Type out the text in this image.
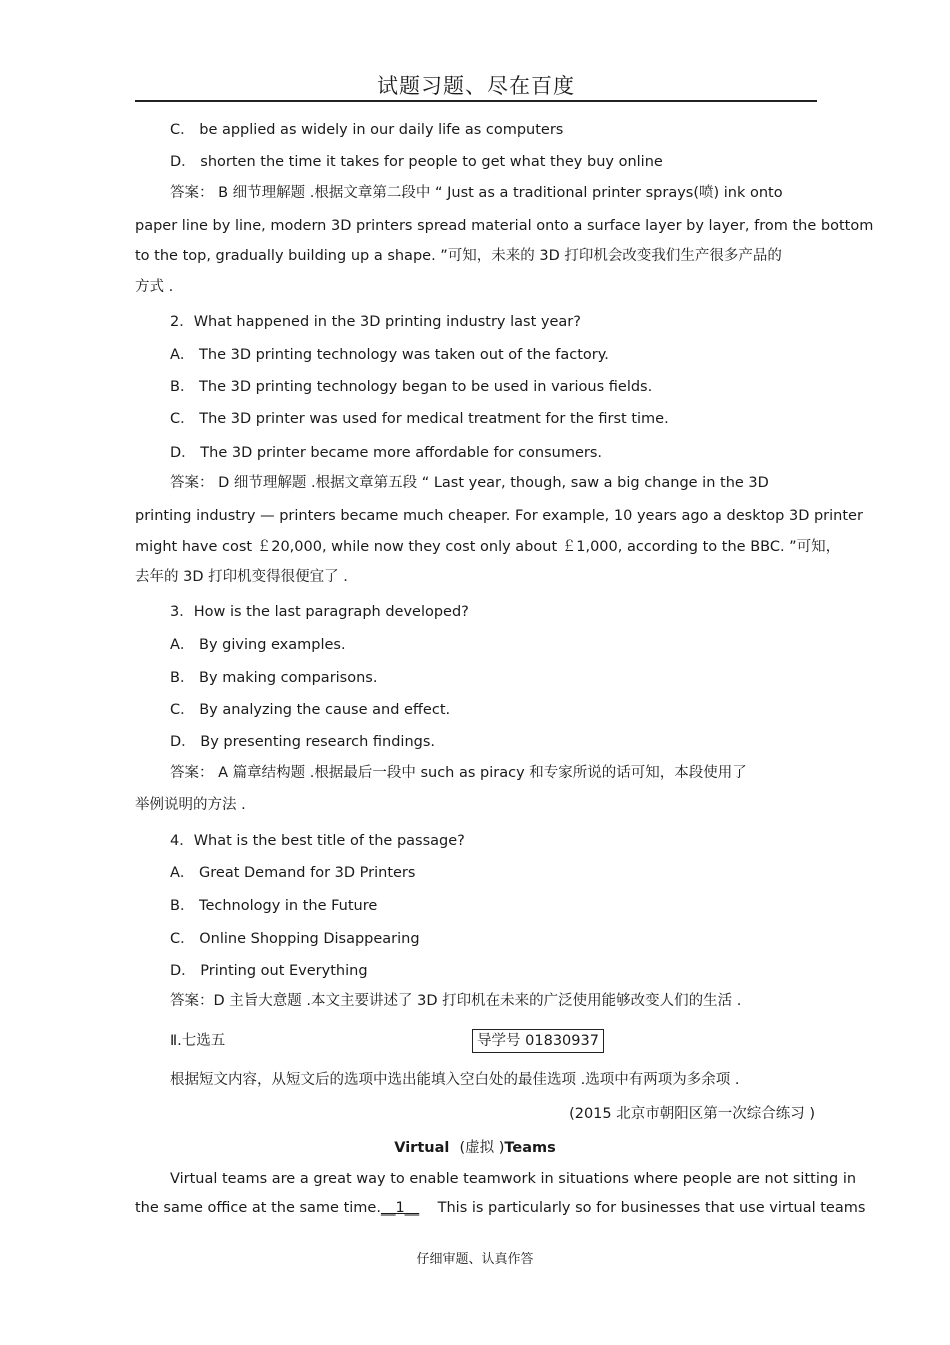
试题习题、尽在百度
C． be applied as widely in our daily life as computers
D． shorten the time it takes for people to get what they buy online
答案： B 细节理解题 .根据文章第二段中 “ Just as a traditional printer sprays(喷) ink onto
paper line by line, modern 3D printers spread material onto a surface layer by layer, from the bottom
to the top, gradually building up a shape. ”可知，未来的 3D 打印机会改变我们生产很多产品的
方式 .
2．What happened in the 3D printing industry last year?
A． The 3D printing technology was taken out of the factory.
B． The 3D printing technology began to be used in various fields.
C． The 3D printer was used for medical treatment for the first time.
D． The 3D printer became more affordable for consumers.
答案： D 细节理解题 .根据文章第五段 “ Last year, though, saw a big change in the 3D
printing industry — printers became much cheaper. For example, 10 years ago a desktop 3D printer
might have cost ￡20,000, while now they cost only about ￡1,000, according to the BBC. ”可知，
去年的 3D 打印机变得很便宜了 .
3．How is the last paragraph developed?
A． By giving examples.
B． By making comparisons.
C． By analyzing the cause and effect.
D． By presenting research findings.
答案： A 篇章结构题 .根据最后一段中 such as piracy 和专家所说的话可知，本段使用了
举例说明的方法 .
4．What is the best title of the passage?
A． Great Demand for 3D Printers
B． Technology in the Future
C． Online Shopping Disappearing
D． Printing out Everything
答案：D 主旨大意题 .本文主要讲述了 3D 打印机在未来的广泛使用能够改变人们的生活 .
Ⅱ.七选五	导学号 01830937
根据短文内容，从短文后的选项中选出能填入空白处的最佳选项 .选项中有两项为多余项 .
(2015 北京市朝阳区第一次综合练习 )
Virtual (虚拟 )Teams
Virtual teams are a great way to enable teamwork in situations where people are not sitting in
the same office at the same time.__1__    This is particularly so for businesses that use virtual teams
仔细审题、认真作答
